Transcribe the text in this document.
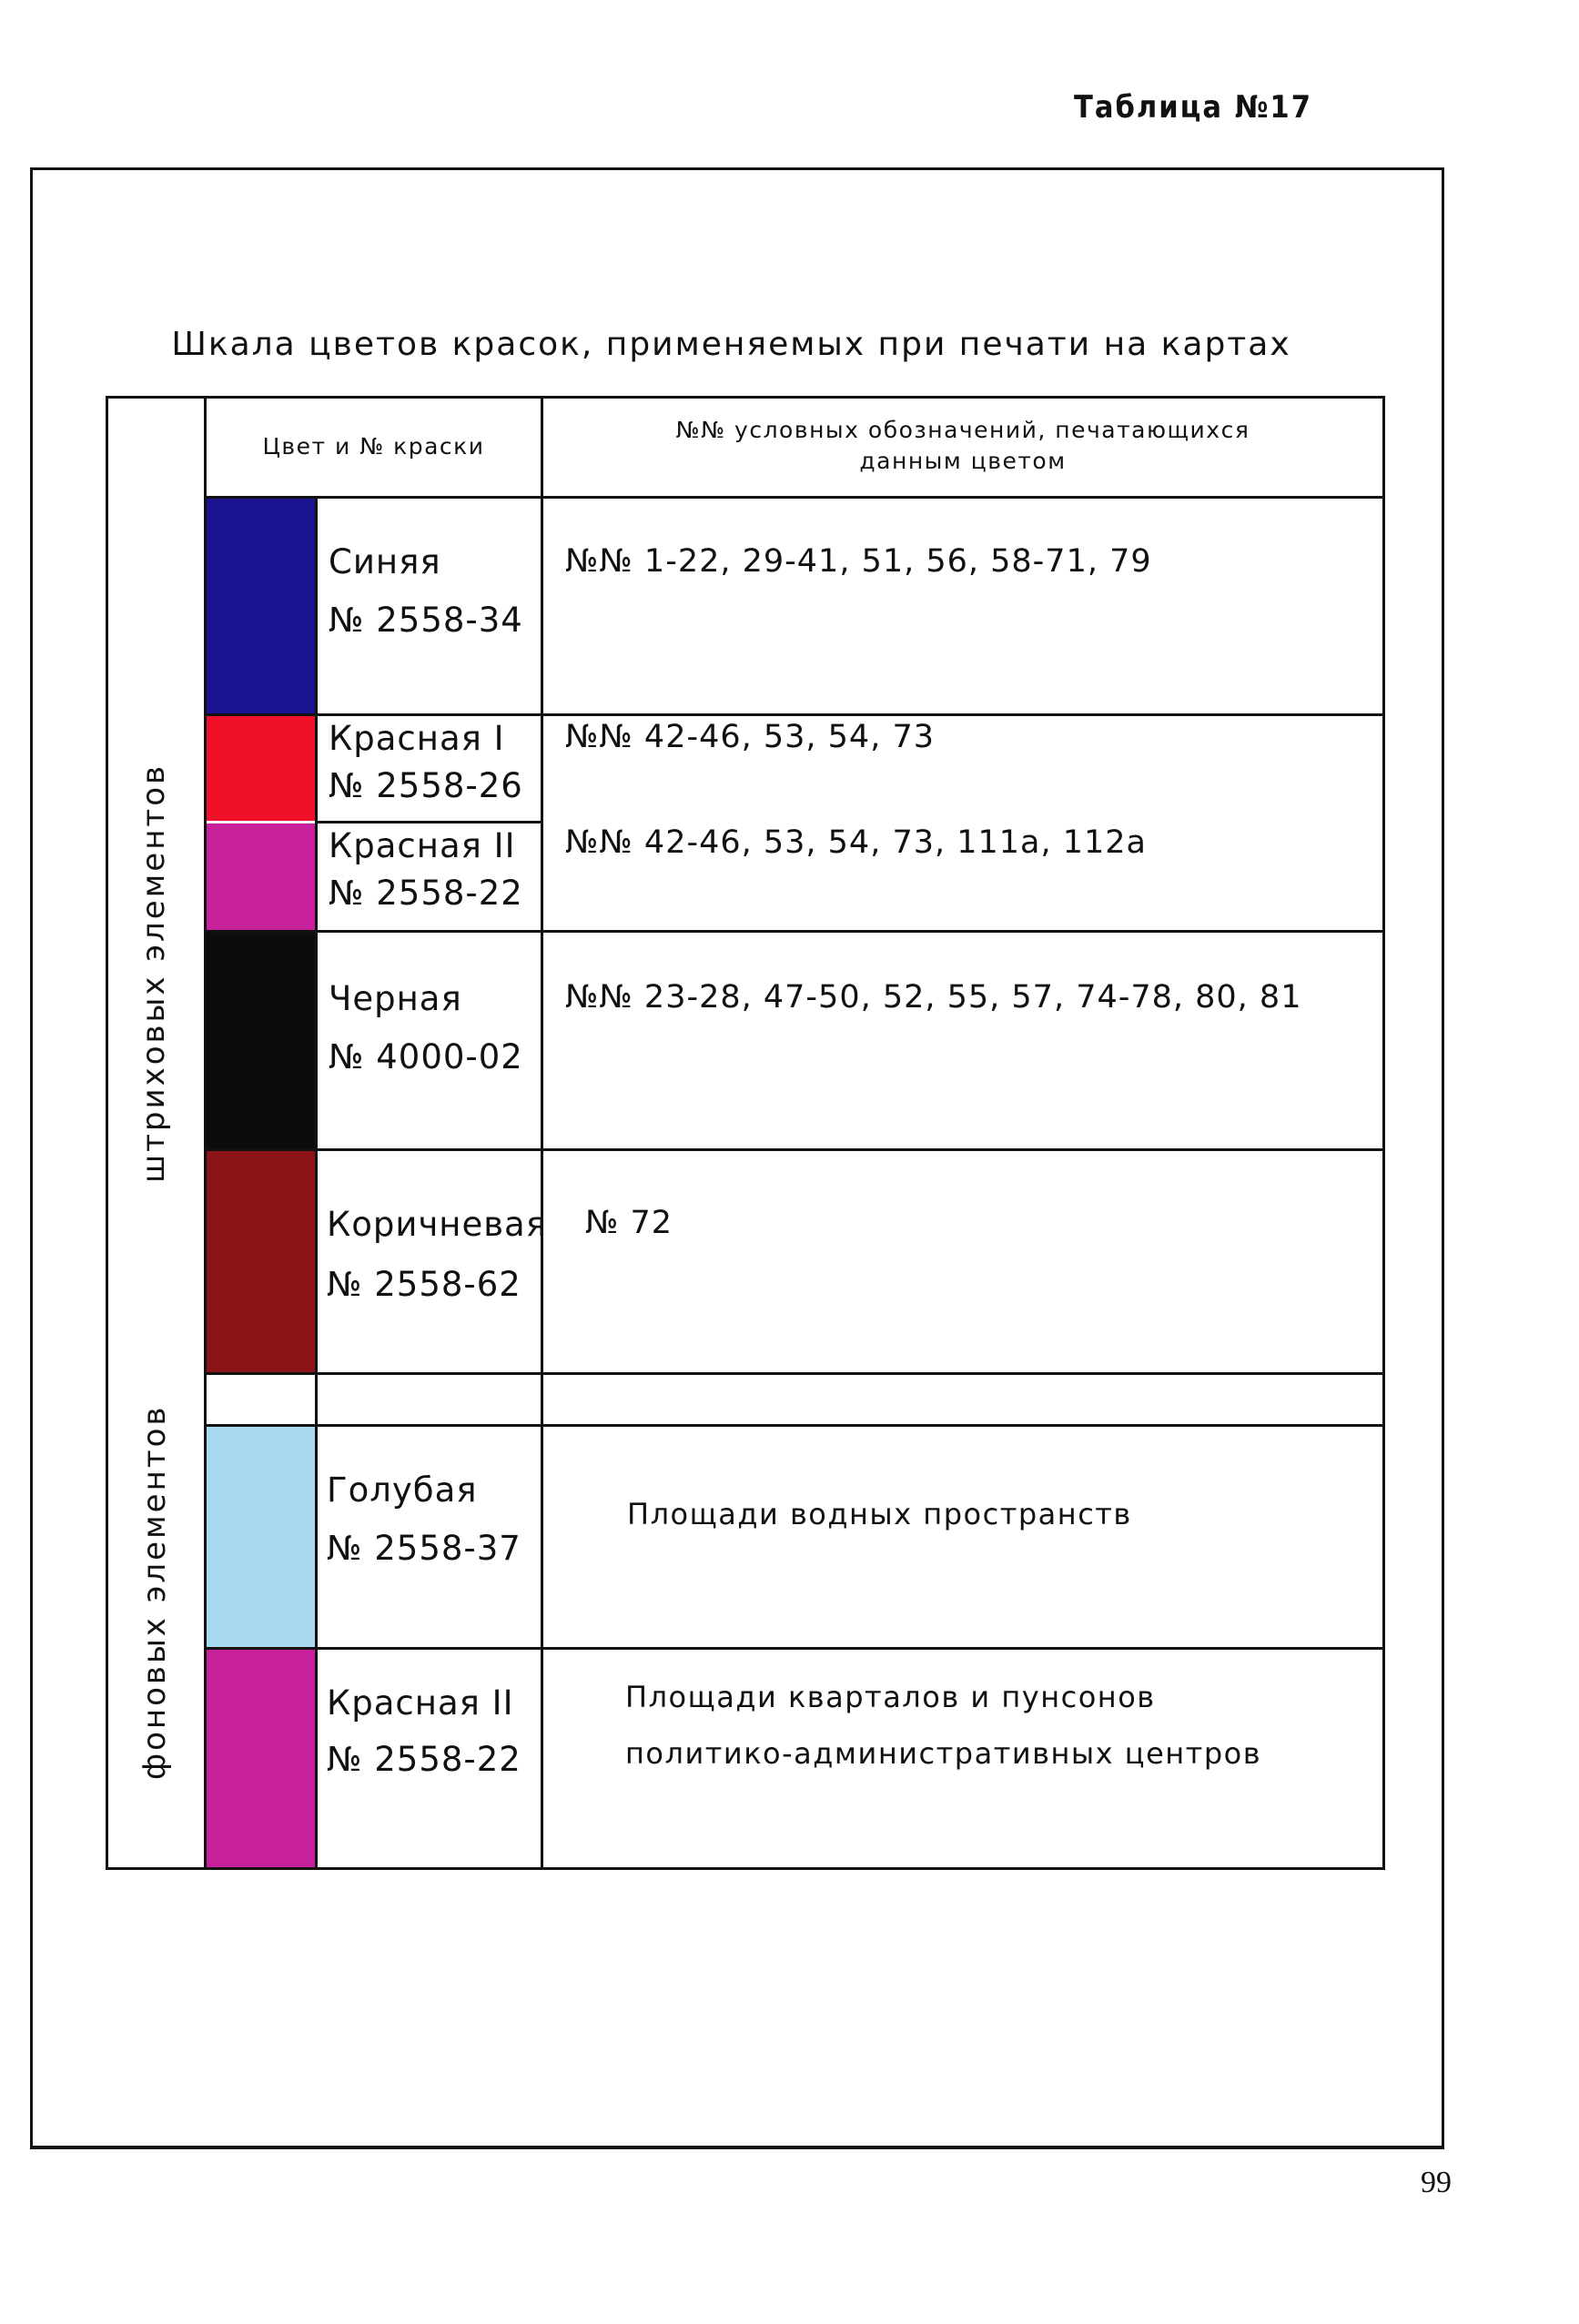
Таблица №17
Шкала цветов красок, применяемых при печати на картах
штриховых элементов
фоновых элементов
Цвет и № краски
№№ условных обозначений, печатающихся
данным цветом
Синяя
№ 2558-34
№№ 1-22, 29-41, 51, 56, 58-71, 79
Красная I
№ 2558-26
№№ 42-46, 53, 54, 73
Красная II
№ 2558-22
№№ 42-46, 53, 54, 73, 111a, 112a
Черная
№ 4000-02
№№ 23-28, 47-50, 52, 55, 57, 74-78, 80, 81
Коричневая
№ 2558-62
№ 72
Голубая
№ 2558-37
Площади водных пространств
Красная II
№ 2558-22
Площади кварталов и пунсонов
политико-административных центров
99
